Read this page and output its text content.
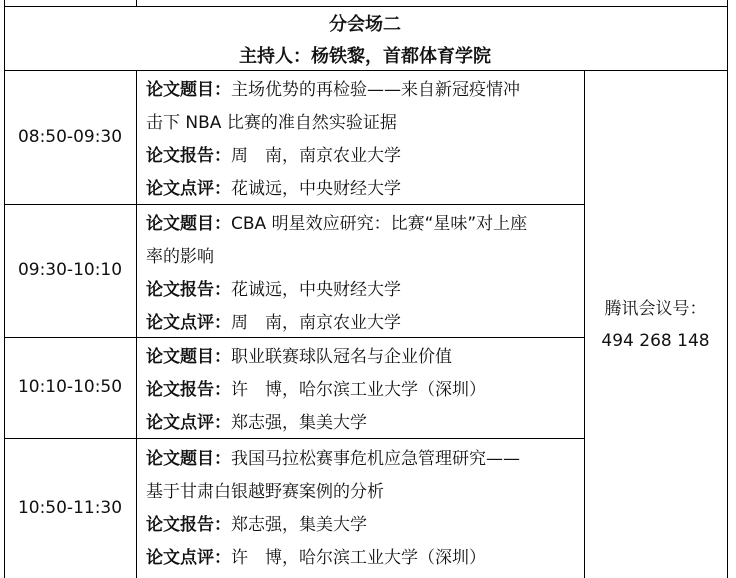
分会场二
主持人：杨铁黎，首都体育学院
08:50-09:30
论文题目：主场优势的再检验——来自新冠疫情冲
击下 NBA 比赛的准自然实验证据
论文报告：周　南，南京农业大学
论文点评：花诚远，中央财经大学
09:30-10:10
论文题目：CBA 明星效应研究：比赛“星味”对上座
率的影响
论文报告：花诚远，中央财经大学
论文点评：周　南，南京农业大学
10:10-10:50
论文题目：职业联赛球队冠名与企业价值
论文报告：许　博，哈尔滨工业大学（深圳）
论文点评：郑志强，集美大学
10:50-11:30
论文题目：我国马拉松赛事危机应急管理研究——
基于甘肃白银越野赛案例的分析
论文报告：郑志强，集美大学
论文点评：许　博，哈尔滨工业大学（深圳）
腾讯会议号：
494 268 148
